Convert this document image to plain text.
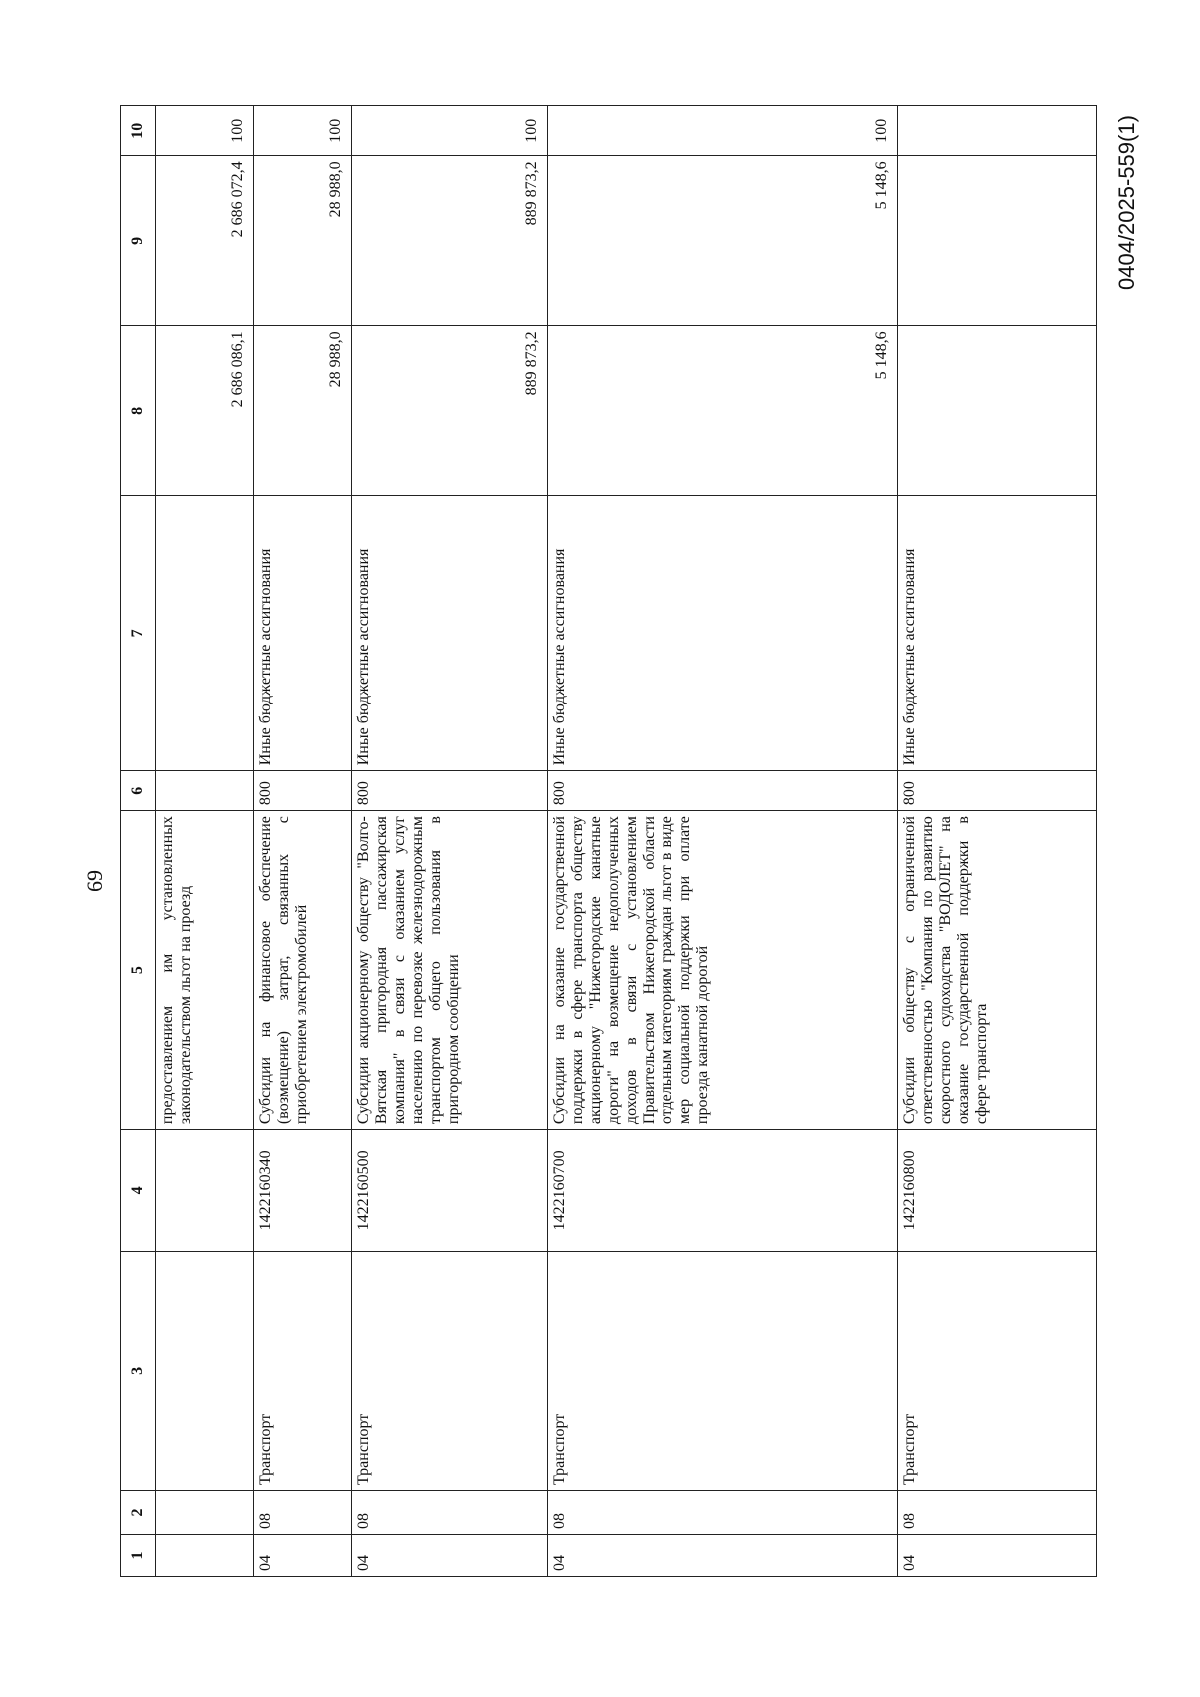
69
0404/2025-559(1)
1	2	3	4	5	6	7	8	9	10
				предоставлением им установленных законодательством льгот на проезд			2 686 086,1	2 686 072,4	100
04	08	Транспорт	1422160340	Субсидии на финансовое обеспечение (возмещение) затрат, связанных с приобретением электромобилей	800	Иные бюджетные ассигнования	28 988,0	28 988,0	100
04	08	Транспорт	1422160500	Субсидии акционерному обществу "Волго-Вятская пригородная пассажирская компания" в связи с оказанием услуг населению по перевозке железнодорожным транспортом общего пользования в пригородном сообщении	800	Иные бюджетные ассигнования	889 873,2	889 873,2	100
04	08	Транспорт	1422160700	Субсидии на оказание государственной поддержки в сфере транспорта обществу акционерному "Нижегородские канатные дороги" на возмещение недополученных доходов в связи с установлением Правительством Нижегородской области отдельным категориям граждан льгот в виде мер социальной поддержки при оплате проезда канатной дорогой	800	Иные бюджетные ассигнования	5 148,6	5 148,6	100
04	08	Транспорт	1422160800	Субсидии обществу с ограниченной ответственностью "Компания по развитию скоростного судоходства "ВОДОЛЕТ" на оказание государственной поддержки в сфере транспорта	800	Иные бюджетные ассигнования			
